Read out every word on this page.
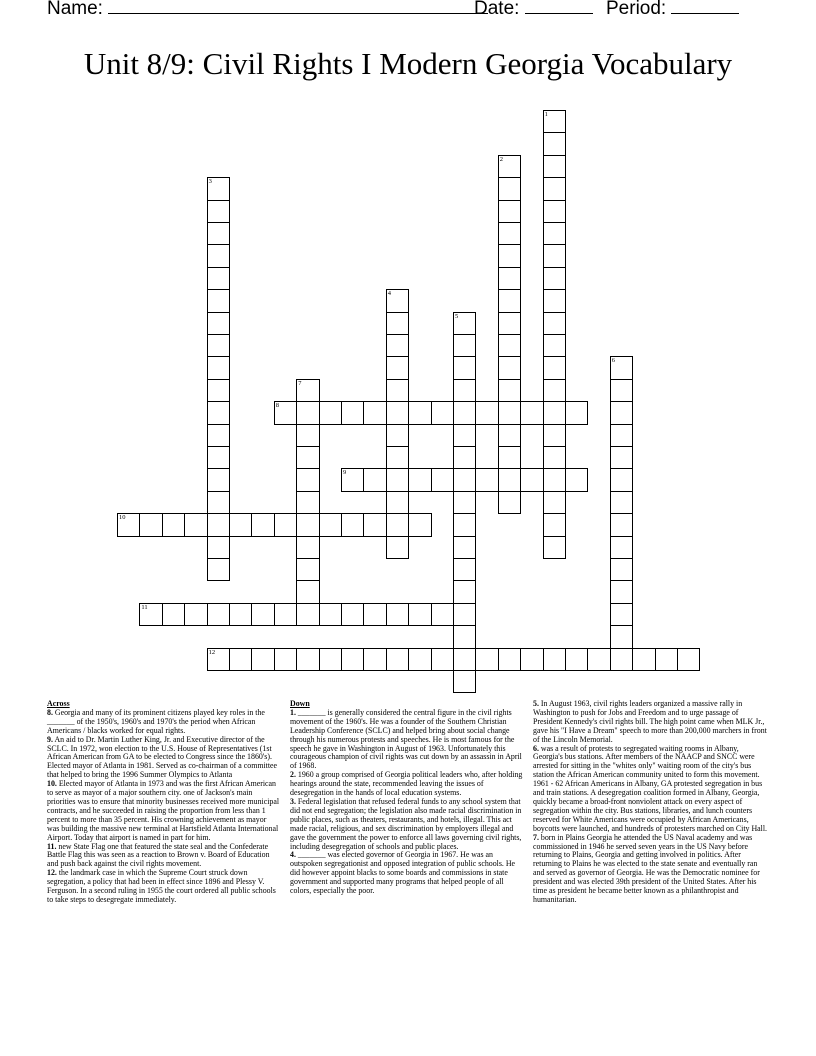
Name:	Date:	Period:
Unit 8/9: Civil Rights I Modern Georgia Vocabulary
1
2
3
4
5
6
7
8
9
10
11
12
Across

8. Georgia and many of its prominent citizens played key roles in the _______ of the 1950's, 1960's and 1970's the period when African Americans / blacks worked for equal rights.

9. An aid to Dr. Martin Luther King, Jr. and Executive director of the SCLC. In 1972, won election to the U.S. House of Representatives (1st African American from GA to be elected to Congress since the 1860's). Elected mayor of Atlanta in 1981. Served as co-chairman of a committee that helped to bring the 1996 Summer Olympics to Atlanta

10. Elected mayor of Atlanta in 1973 and was the first African American to serve as mayor of a major southern city. one of Jackson's main priorities was to ensure that minority businesses received more municipal contracts, and he succeeded in raising the proportion from less than 1 percent to more than 35 percent. His crowning achievement as mayor was building the massive new terminal at Hartsfield Atlanta International Airport. Today that airport is named in part for him.

11. new State Flag one that featured the state seal and the Confederate Battle Flag this was seen as a reaction to Brown v. Board of Education and push back against the civil rights movement.

12. the landmark case in which the Supreme Court struck down segregation, a policy that had been in effect since 1896 and Plessy V. Ferguson. In a second ruling in 1955 the court ordered all public schools to take steps to desegregate immediately.

Down

1. _______ is generally considered the central figure in the civil rights movement of the 1960's. He was a founder of the Southern Christian Leadership Conference (SCLC) and helped bring about social change through his numerous protests and speeches. He is most famous for the speech he gave in Washington in August of 1963. Unfortunately this courageous champion of civil rights was cut down by an assassin in April of 1968.

2. 1960 a group comprised of Georgia political leaders who, after holding hearings around the state, recommended leaving the issues of desegregation in the hands of local education systems.

3. Federal legislation that refused federal funds to any school system that did not end segregation; the legislation also made racial discrimination in public places, such as theaters, restaurants, and hotels, illegal. This act made racial, religious, and sex discrimination by employers illegal and gave the government the power to enforce all laws governing civil rights, including desegregation of schools and public places.

4. _______ was elected governor of Georgia in 1967. He was an outspoken segregationist and opposed integration of public schools. He did however appoint blacks to some boards and commissions in state government and supported many programs that helped people of all colors, especially the poor.

5. In August 1963, civil rights leaders organized a massive rally in Washington to push for Jobs and Freedom and to urge passage of President Kennedy's civil rights bill. The high point came when MLK Jr., gave his "I Have a Dream" speech to more than 200,000 marchers in front of the Lincoln Memorial.

6. was a result of protests to segregated waiting rooms in Albany, Georgia's bus stations. After members of the NAACP and SNCC were arrested for sitting in the "whites only" waiting room of the city's bus station the African American community united to form this movement. 1961 - 62 African Americans in Albany, GA protested segregation in bus and train stations. A desegregation coalition formed in Albany, Georgia, quickly became a broad-front nonviolent attack on every aspect of segregation within the city. Bus stations, libraries, and lunch counters reserved for White Americans were occupied by African Americans, boycotts were launched, and hundreds of protesters marched on City Hall.

7. born in Plains Georgia he attended the US Naval academy and was commissioned in 1946 he served seven years in the US Navy before returning to Plains, Georgia and getting involved in politics. After returning to Plains he was elected to the state senate and eventually ran and served as governor of Georgia. He was the Democratic nominee for president and was elected 39th president of the United States. After his time as president he became better known as a philanthropist and humanitarian.
